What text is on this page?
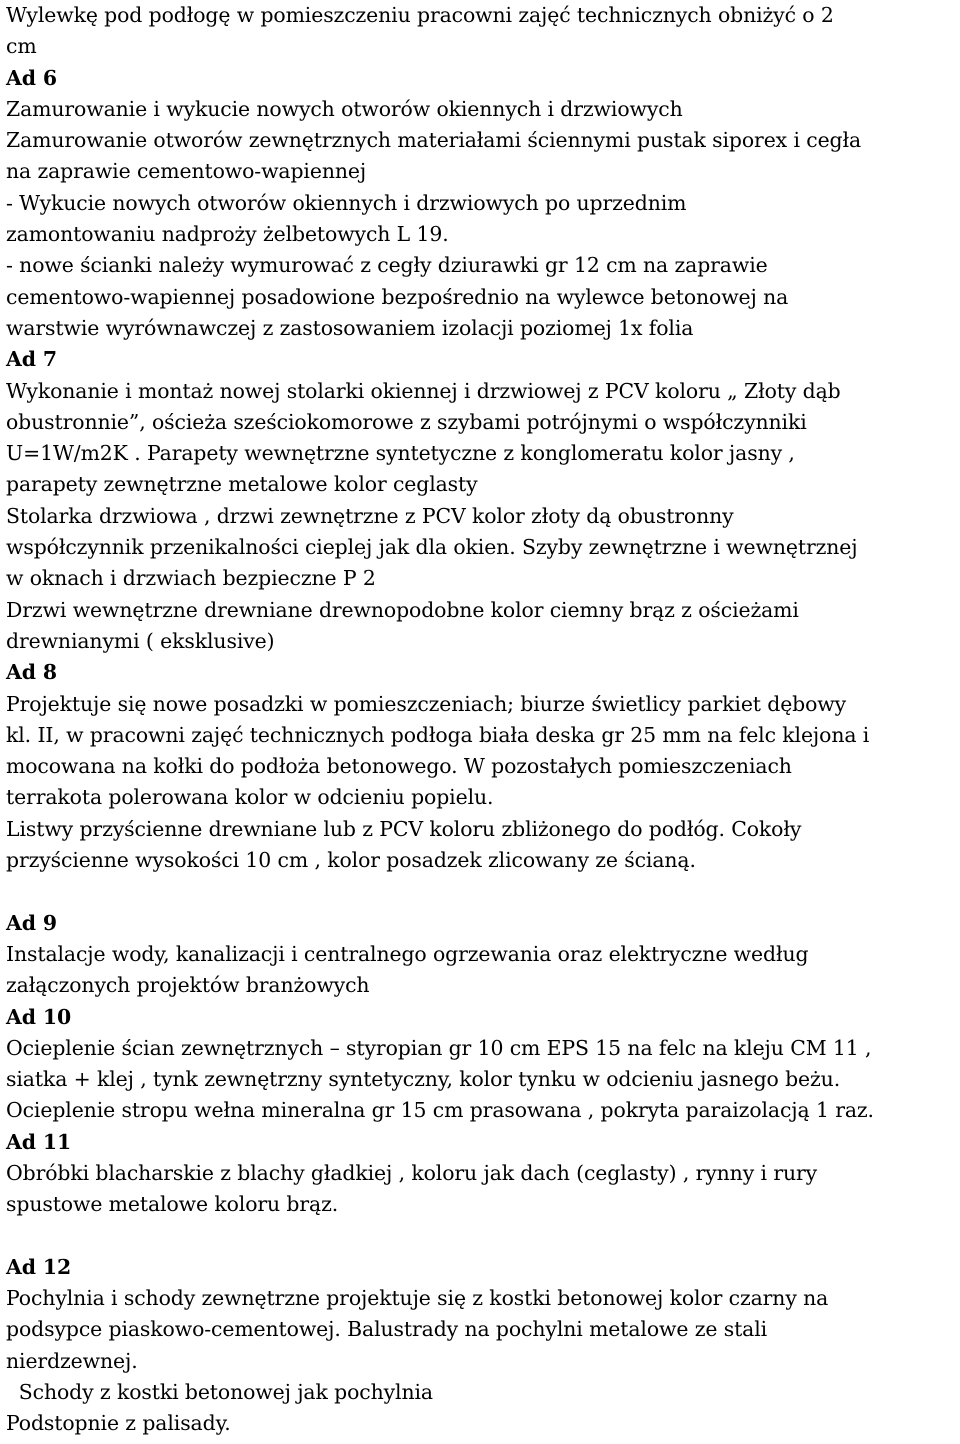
Wylewkę pod podłogę w pomieszczeniu pracowni zajęć technicznych obniżyć o 2
cm
Ad 6
Zamurowanie i wykucie nowych otworów okiennych i drzwiowych
Zamurowanie otworów zewnętrznych materiałami ściennymi pustak siporex i cegła
na zaprawie cementowo-wapiennej
- Wykucie nowych otworów okiennych i drzwiowych po uprzednim
zamontowaniu nadproży żelbetowych L 19.
- nowe ścianki należy wymurować z cegły dziurawki gr 12 cm na zaprawie
cementowo-wapiennej posadowione bezpośrednio na wylewce betonowej na
warstwie wyrównawczej z zastosowaniem izolacji poziomej 1x folia
Ad 7
Wykonanie i montaż nowej stolarki okiennej i drzwiowej z PCV koloru „ Złoty dąb
obustronnie”, ościeża sześciokomorowe z szybami potrójnymi o współczynniki
U=1W/m2K . Parapety wewnętrzne syntetyczne z konglomeratu kolor jasny ,
parapety zewnętrzne metalowe kolor ceglasty
Stolarka drzwiowa , drzwi zewnętrzne z PCV kolor złoty dą obustronny
współczynnik przenikalności cieplej jak dla okien. Szyby zewnętrzne i wewnętrznej
w oknach i drzwiach bezpieczne P 2
Drzwi wewnętrzne drewniane drewnopodobne kolor ciemny brąz z ościeżami
drewnianymi ( eksklusive)
Ad 8
Projektuje się nowe posadzki w pomieszczeniach; biurze świetlicy parkiet dębowy
kl. II, w pracowni zajęć technicznych podłoga biała deska gr 25 mm na felc klejona i
mocowana na kołki do podłoża betonowego. W pozostałych pomieszczeniach
terrakota polerowana kolor w odcieniu popielu.
Listwy przyścienne drewniane lub z PCV koloru zbliżonego do podłóg. Cokoły
przyścienne wysokości 10 cm , kolor posadzek zlicowany ze ścianą.
Ad 9
Instalacje wody, kanalizacji i centralnego ogrzewania oraz elektryczne według
załączonych projektów branżowych
Ad 10
Ocieplenie ścian zewnętrznych – styropian gr 10 cm EPS 15 na felc na kleju CM 11 ,
siatka + klej , tynk zewnętrzny syntetyczny, kolor tynku w odcieniu jasnego beżu.
Ocieplenie stropu wełna mineralna gr 15 cm prasowana , pokryta paraizolacją 1 raz.
Ad 11
Obróbki blacharskie z blachy gładkiej , koloru jak dach (ceglasty) , rynny i rury
spustowe metalowe koloru brąz.
Ad 12
Pochylnia i schody zewnętrzne projektuje się z kostki betonowej kolor czarny na
podsypce piaskowo-cementowej. Balustrady na pochylni metalowe ze stali
nierdzewnej.
Schody z kostki betonowej jak pochylnia
Podstopnie z palisady.
